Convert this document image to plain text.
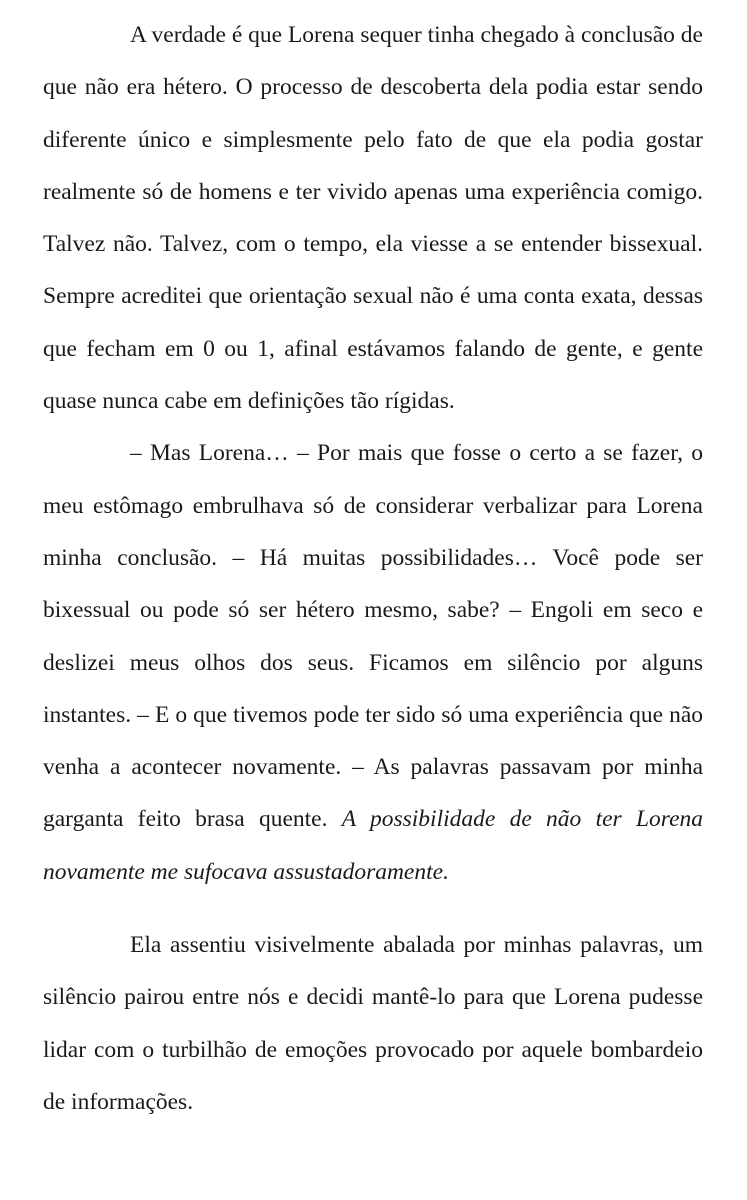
A verdade é que Lorena sequer tinha chegado à conclusão de que não era hétero. O processo de descoberta dela podia estar sendo diferente único e simplesmente pelo fato de que ela podia gostar realmente só de homens e ter vivido apenas uma experiência comigo. Talvez não. Talvez, com o tempo, ela viesse a se entender bissexual. Sempre acreditei que orientação sexual não é uma conta exata, dessas que fecham em 0 ou 1, afinal estávamos falando de gente, e gente quase nunca cabe em definições tão rígidas.

– Mas Lorena… – Por mais que fosse o certo a se fazer, o meu estômago embrulhava só de considerar verbalizar para Lorena minha conclusão. – Há muitas possibilidades… Você pode ser bixessual ou pode só ser hétero mesmo, sabe? – Engoli em seco e deslizei meus olhos dos seus. Ficamos em silêncio por alguns instantes. – E o que tivemos pode ter sido só uma experiência que não venha a acontecer novamente. – As palavras passavam por minha garganta feito brasa quente. A possibilidade de não ter Lorena novamente me sufocava assustadoramente.

Ela assentiu visivelmente abalada por minhas palavras, um silêncio pairou entre nós e decidi mantê-lo para que Lorena pudesse lidar com o turbilhão de emoções provocado por aquele bombardeio de informações.
